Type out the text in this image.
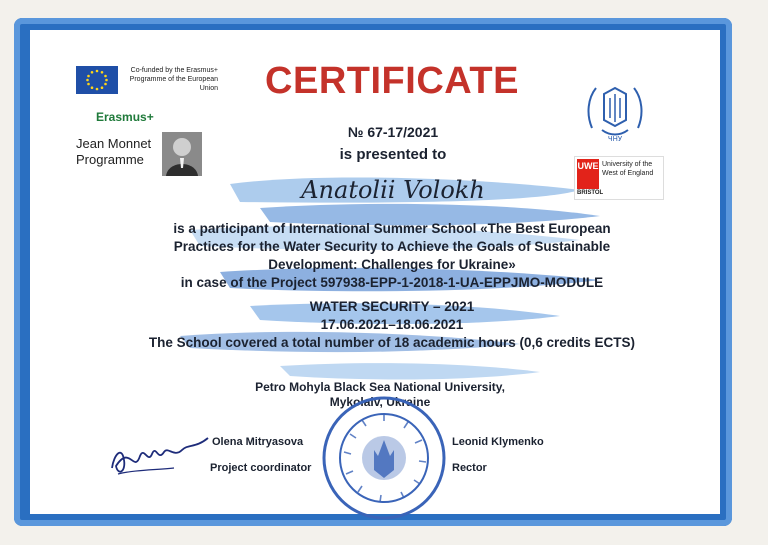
Co-funded by the Erasmus+ Programme of the European Union
Erasmus+
Jean Monnet Programme
CERTIFICATE
№ 67-17/2021
is presented to
Anatolii Volokh
ЧНУ
UWE University of the West of England
BRISTOL
is a participant of International Summer School «The Best European
Practices for the Water Security to Achieve the Goals of Sustainable
Development: Challenges for Ukraine»
in case of the Project 597938-EPP-1-2018-1-UA-EPPJMO-MODULE
WATER SECURITY – 2021
17.06.2021–18.06.2021
The School covered a total number of 18 academic hours (0,6 credits ECTS)
Petro Mohyla Black Sea National University,
Mykolaiv, Ukraine
Olena Mitryasova
Project coordinator
Leonid Klymenko
Rector
